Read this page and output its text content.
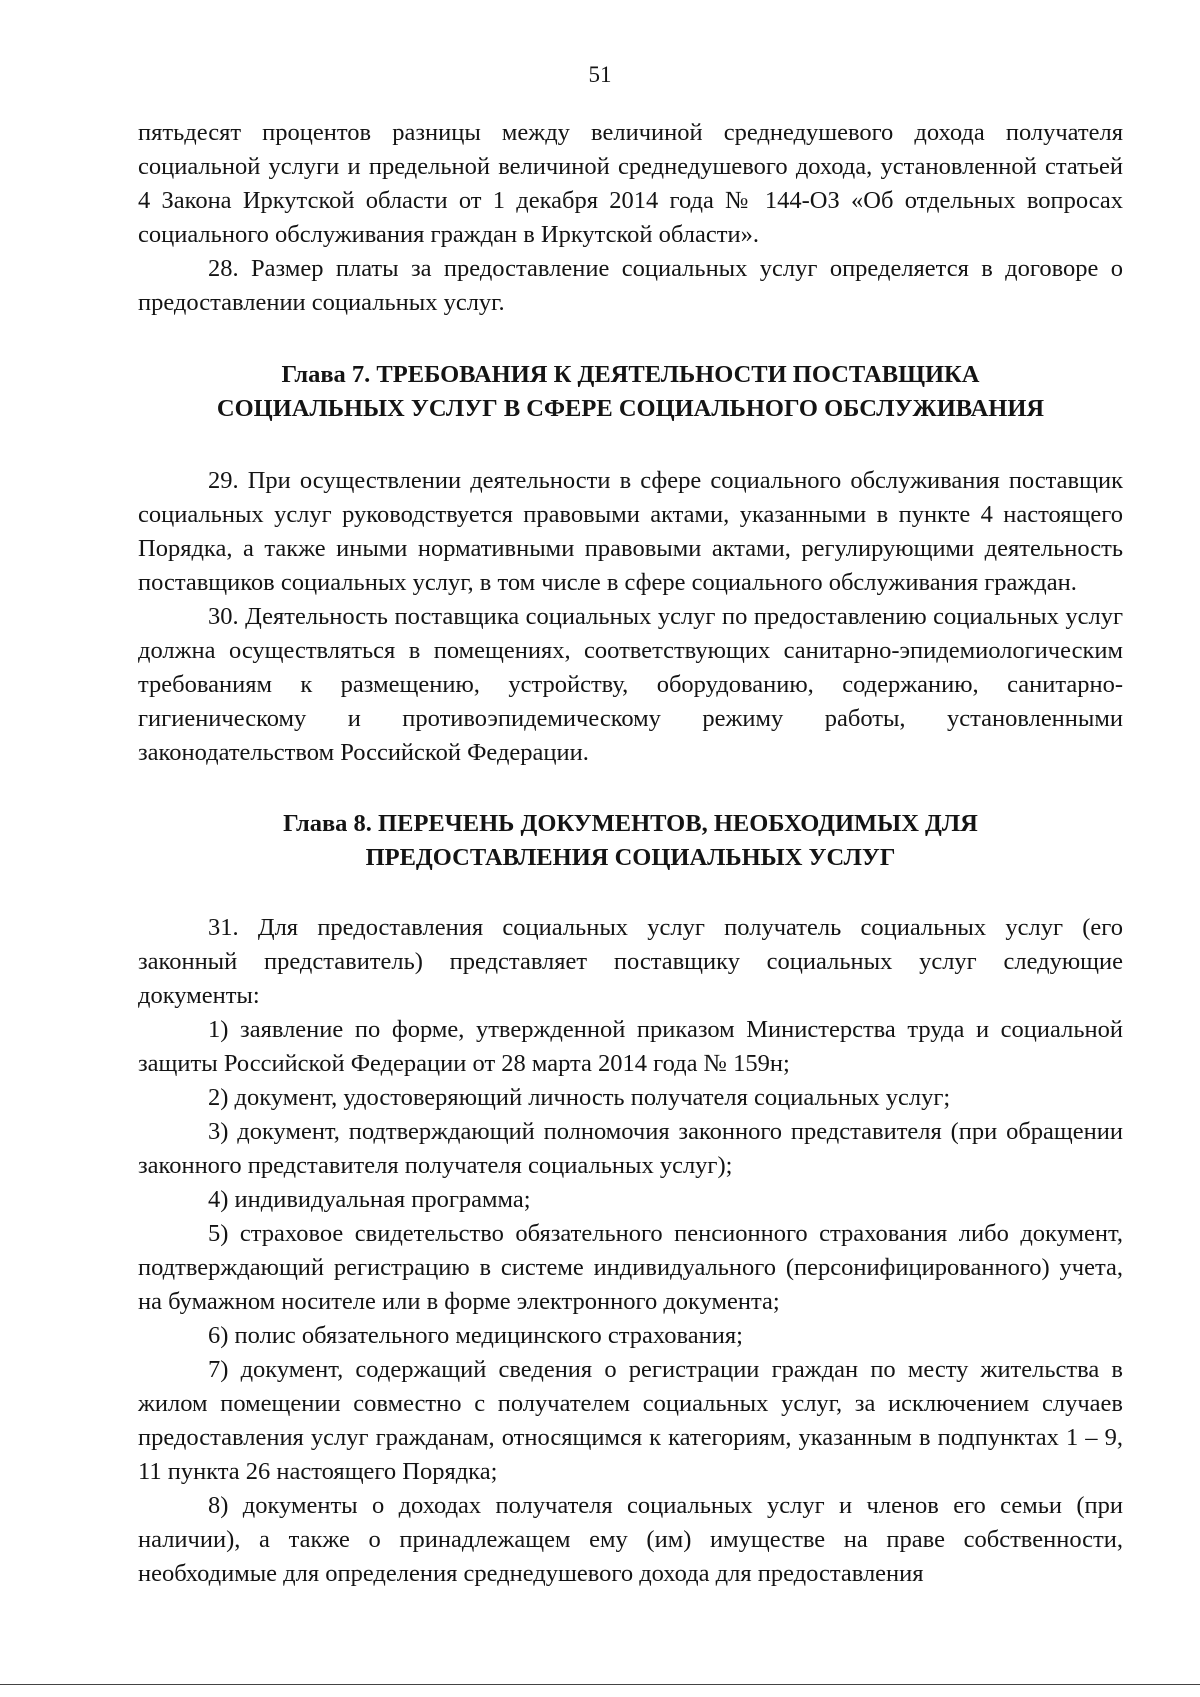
51

пятьдесят процентов разницы между величиной среднедушевого дохода получателя социальной услуги и предельной величиной среднедушевого дохода, установленной статьей 4 Закона Иркутской области от 1 декабря 2014 года № 144-ОЗ «Об отдельных вопросах социального обслуживания граждан в Иркутской области».

28. Размер платы за предоставление социальных услуг определяется в договоре о предоставлении социальных услуг.

Глава 7. ТРЕБОВАНИЯ К ДЕЯТЕЛЬНОСТИ ПОСТАВЩИКА
СОЦИАЛЬНЫХ УСЛУГ В СФЕРЕ СОЦИАЛЬНОГО ОБСЛУЖИВАНИЯ

29. При осуществлении деятельности в сфере социального обслуживания поставщик социальных услуг руководствуется правовыми актами, указанными в пункте 4 настоящего Порядка, а также иными нормативными правовыми актами, регулирующими деятельность поставщиков социальных услуг, в том числе в сфере социального обслуживания граждан.

30. Деятельность поставщика социальных услуг по предоставлению социальных услуг должна осуществляться в помещениях, соответствующих санитарно-эпидемиологическим требованиям к размещению, устройству, оборудованию, содержанию, санитарно-гигиеническому и противоэпидемическому режиму работы, установленными законодательством Российской Федерации.

Глава 8. ПЕРЕЧЕНЬ ДОКУМЕНТОВ, НЕОБХОДИМЫХ ДЛЯ
ПРЕДОСТАВЛЕНИЯ СОЦИАЛЬНЫХ УСЛУГ

31. Для предоставления социальных услуг получатель социальных услуг (его законный представитель) представляет поставщику социальных услуг следующие документы:

1) заявление по форме, утвержденной приказом Министерства труда и социальной защиты Российской Федерации от 28 марта 2014 года № 159н;

2) документ, удостоверяющий личность получателя социальных услуг;

3) документ, подтверждающий полномочия законного представителя (при обращении законного представителя получателя социальных услуг);

4) индивидуальная программа;

5) страховое свидетельство обязательного пенсионного страхования либо документ, подтверждающий регистрацию в системе индивидуального (персонифицированного) учета, на бумажном носителе или в форме электронного документа;

6) полис обязательного медицинского страхования;

7) документ, содержащий сведения о регистрации граждан по месту жительства в жилом помещении совместно с получателем социальных услуг, за исключением случаев предоставления услуг гражданам, относящимся к категориям, указанным в подпунктах 1 – 9, 11 пункта 26 настоящего Порядка;

8) документы о доходах получателя социальных услуг и членов его семьи (при наличии), а также о принадлежащем ему (им) имуществе на праве собственности, необходимые для определения среднедушевого дохода для предоставления
